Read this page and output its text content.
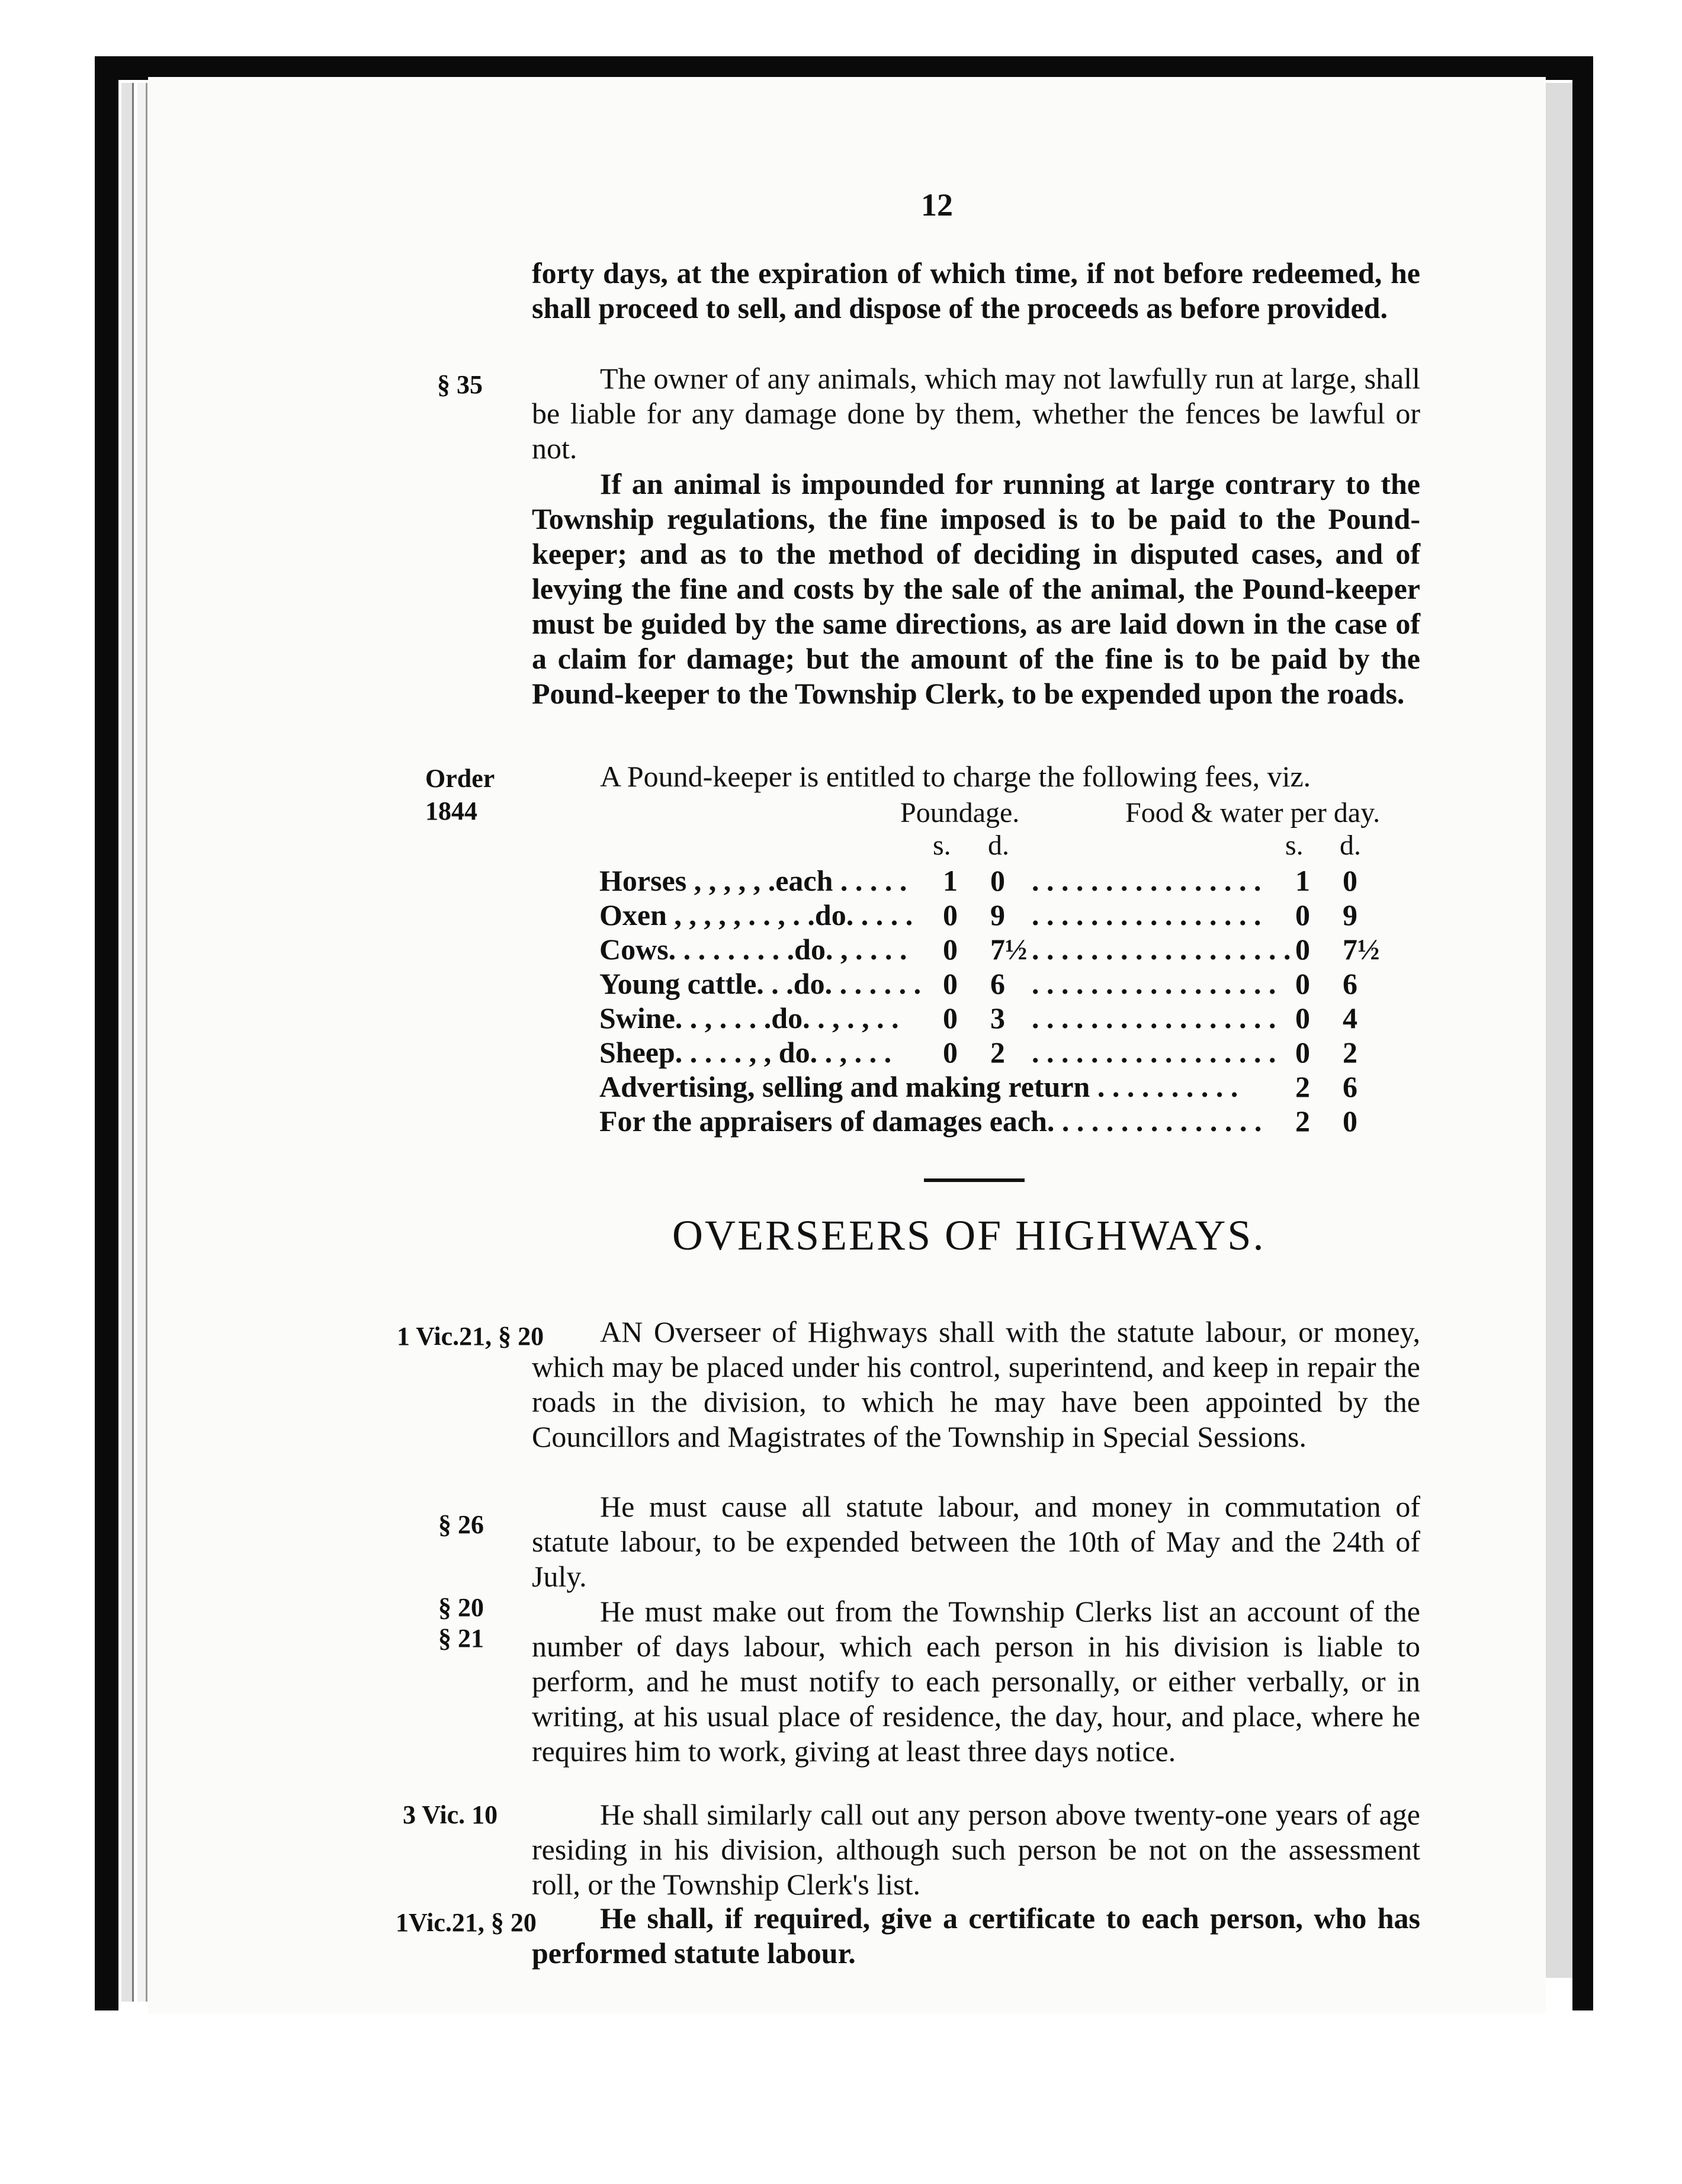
12

forty days, at the expiration of which time, if not before redeemed, he shall proceed to sell, and dispose of the proceeds as before provided.

The owner of any animals, which may not lawfully run at large, shall be liable for any damage done by them, whether the fences be lawful or not.

If an animal is impounded for running at large contrary to the Township regulations, the fine imposed is to be paid to the Pound-keeper; and as to the method of deciding in disputed cases, and of levying the fine and costs by the sale of the animal, the Pound-keeper must be guided by the same directions, as are laid down in the case of a claim for damage; but the amount of the fine is to be paid by the Pound-keeper to the Township Clerk, to be expended upon the roads.

§ 35
Order
1844
1 Vic.21, § 20
§ 26
§ 20
§ 21
3 Vic. 10
1Vic.21, § 20
A Pound-keeper is entitled to charge the following fees, viz.
Poundage.	Food & water per day.
s. d.	s. d.
Horses , , , , , .each . . . . . 1 0 . . . . . . . . . . . . . . . . 1 0
Oxen , , , , , . . , . .do. . . . . 0 9 . . . . . . . . . . . . . . . . 0 9
Cows. . . . . . . . .do. , . . . . 0 7½ . . . . . . . . . . . . . . . . . . 0 7½
Young cattle. . .do. . . . . . . 0 6 . . . . . . . . . . . . . . . . . 0 6
Swine. . , . . . .do. . , . , . . 0 3 . . . . . . . . . . . . . . . . . 0 4
Sheep. . . . . , , do. . , . . . 0 2 . . . . . . . . . . . . . . . . . 0 2
Advertising, selling and making return . . . . . . . . . . 2 6
For the appraisers of damages each. . . . . . . . . . . . . . . 2 0
OVERSEERS OF HIGHWAYS.

AN Overseer of Highways shall with the statute labour, or money, which may be placed under his control, superintend, and keep in repair the roads in the division, to which he may have been appointed by the Councillors and Magistrates of the Township in Special Sessions.

He must cause all statute labour, and money in commutation of statute labour, to be expended between the 10th of May and the 24th of July.

He must make out from the Township Clerks list an account of the number of days labour, which each person in his division is liable to perform, and he must notify to each personally, or either verbally, or in writing, at his usual place of residence, the day, hour, and place, where he requires him to work, giving at least three days notice.

He shall similarly call out any person above twenty-one years of age residing in his division, although such person be not on the assessment roll, or the Township Clerk's list.

He shall, if required, give a certificate to each person, who has performed statute labour.
